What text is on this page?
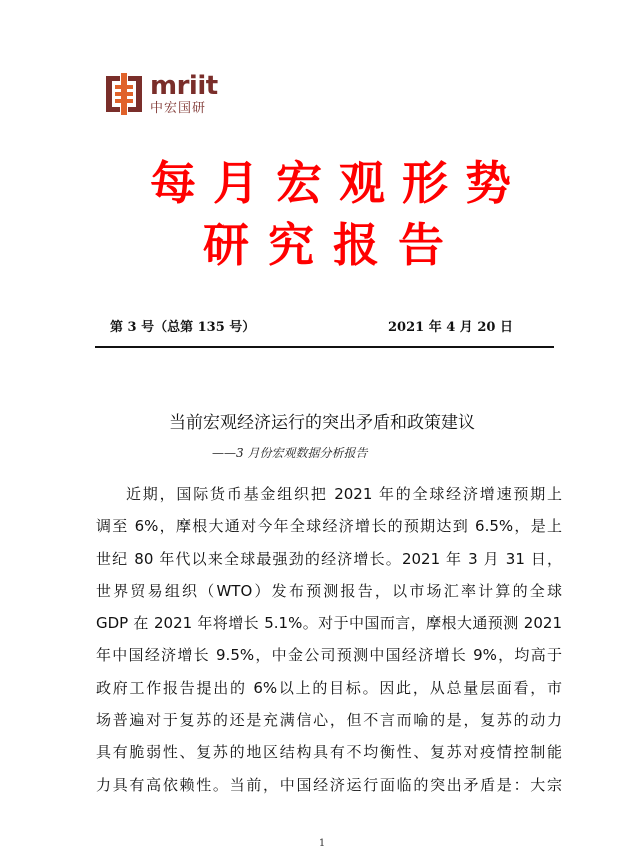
mriit
中宏国研
每月宏观形势
研究报告
第 3 号（总第 135 号）	2021 年 4 月 20 日
当前宏观经济运行的突出矛盾和政策建议
——3 月份宏观数据分析报告
近期，国际货币基金组织把 2021 年的全球经济增速预期上
调至 6%，摩根大通对今年全球经济增长的预期达到 6.5%，是上
世纪 80 年代以来全球最强劲的经济增长。2021 年 3 月 31 日，
世界贸易组织（WTO）发布预测报告，以市场汇率计算的全球
GDP 在 2021 年将增长 5.1%。对于中国而言，摩根大通预测 2021
年中国经济增长 9.5%，中金公司预测中国经济增长 9%，均高于
政府工作报告提出的 6%以上的目标。因此，从总量层面看，市
场普遍对于复苏的还是充满信心，但不言而喻的是，复苏的动力
具有脆弱性、复苏的地区结构具有不均衡性、复苏对疫情控制能
力具有高依赖性。当前，中国经济运行面临的突出矛盾是：大宗
1
